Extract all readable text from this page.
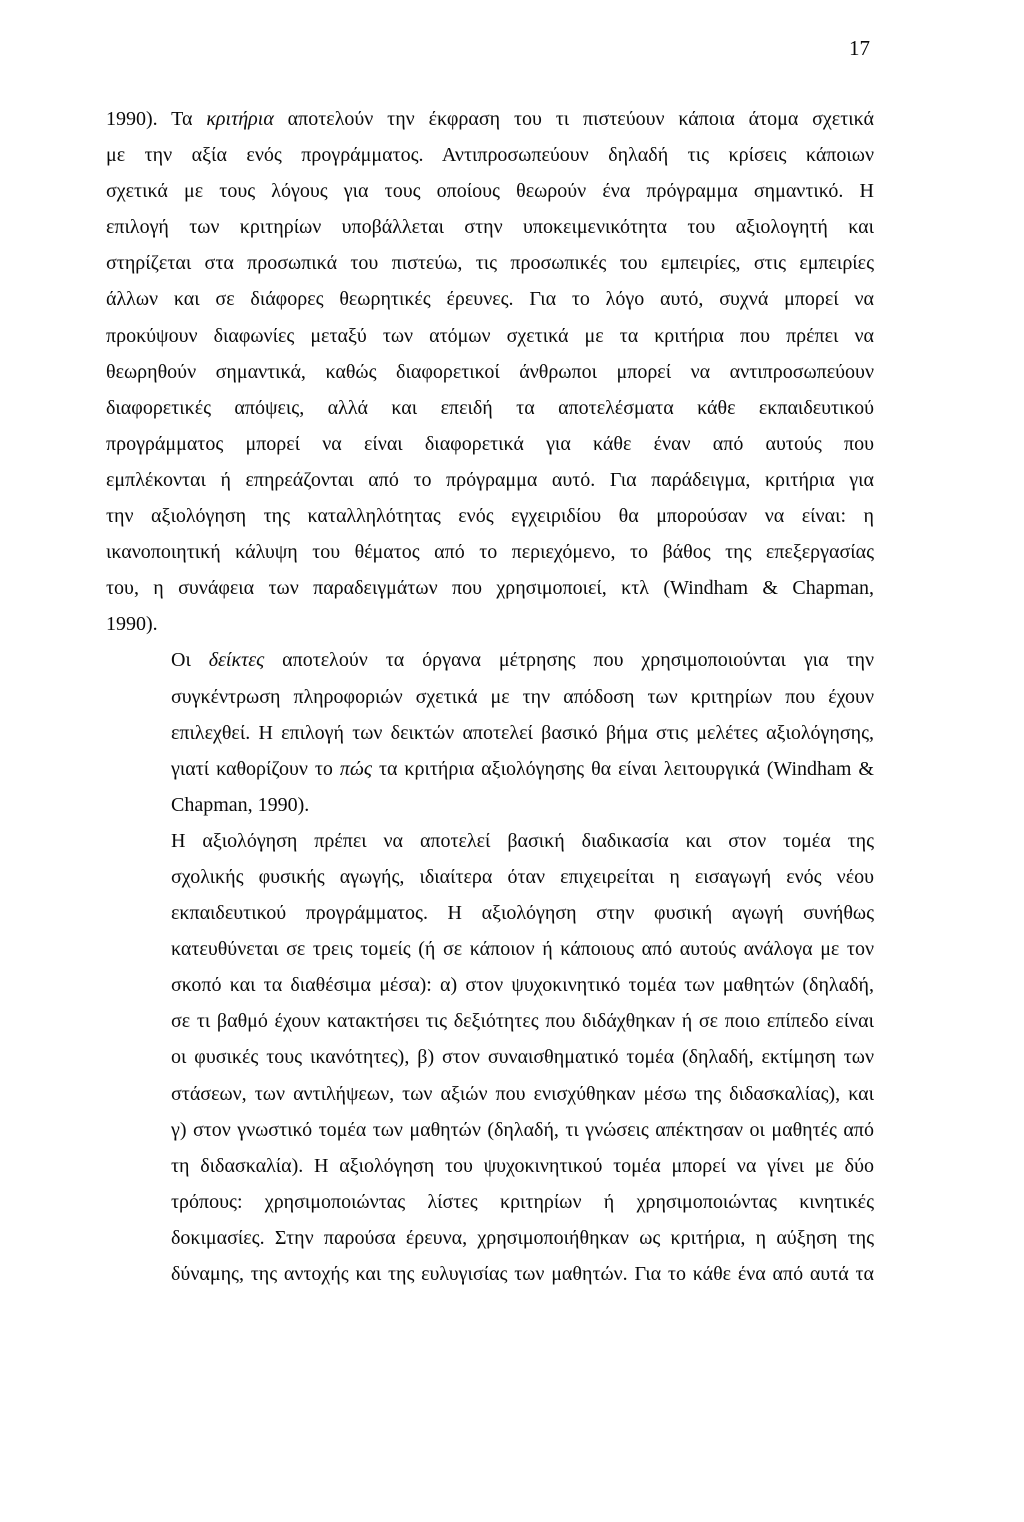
17

1990). Τα κριτήρια αποτελούν την έκφραση του τι πιστεύουν κάποια άτομα σχετικά
με την αξία ενός προγράμματος. Αντιπροσωπεύουν δηλαδή τις κρίσεις κάποιων
σχετικά με τους λόγους για τους οποίους θεωρούν ένα πρόγραμμα σημαντικό. Η
επιλογή των κριτηρίων υποβάλλεται στην υποκειμενικότητα του αξιολογητή και
στηρίζεται στα προσωπικά του πιστεύω, τις προσωπικές του εμπειρίες, στις εμπειρίες
άλλων και σε διάφορες θεωρητικές έρευνες. Για το λόγο αυτό, συχνά μπορεί να
προκύψουν διαφωνίες μεταξύ των ατόμων σχετικά με τα κριτήρια που πρέπει να
θεωρηθούν σημαντικά, καθώς διαφορετικοί άνθρωποι μπορεί να αντιπροσωπεύουν
διαφορετικές απόψεις, αλλά και επειδή τα αποτελέσματα κάθε εκπαιδευτικού
προγράμματος μπορεί να είναι διαφορετικά για κάθε έναν από αυτούς που
εμπλέκονται ή επηρεάζονται από το πρόγραμμα αυτό. Για παράδειγμα, κριτήρια για
την αξιολόγηση της καταλληλότητας ενός εγχειριδίου θα μπορούσαν να είναι: η
ικανοποιητική κάλυψη του θέματος από το περιεχόμενο, το βάθος της επεξεργασίας
του, η συνάφεια των παραδειγμάτων που χρησιμοποιεί, κτλ (Windham & Chapman,
1990).

Οι δείκτες αποτελούν τα όργανα μέτρησης που χρησιμοποιούνται για την
συγκέντρωση πληροφοριών σχετικά με την απόδοση των κριτηρίων που έχουν
επιλεχθεί. Η επιλογή των δεικτών αποτελεί βασικό βήμα στις μελέτες αξιολόγησης,
γιατί καθορίζουν το πώς τα κριτήρια αξιολόγησης θα είναι λειτουργικά (Windham &
Chapman, 1990).

Η αξιολόγηση πρέπει να αποτελεί βασική διαδικασία και στον τομέα της
σχολικής φυσικής αγωγής, ιδιαίτερα όταν επιχειρείται η εισαγωγή ενός νέου
εκπαιδευτικού προγράμματος. Η αξιολόγηση στην φυσική αγωγή συνήθως
κατευθύνεται σε τρεις τομείς (ή σε κάποιον ή κάποιους από αυτούς ανάλογα με τον
σκοπό και τα διαθέσιμα μέσα): α) στον ψυχοκινητικό τομέα των μαθητών (δηλαδή,
σε τι βαθμό έχουν κατακτήσει τις δεξιότητες που διδάχθηκαν ή σε ποιο επίπεδο είναι
οι φυσικές τους ικανότητες), β) στον συναισθηματικό τομέα (δηλαδή, εκτίμηση των
στάσεων, των αντιλήψεων, των αξιών που ενισχύθηκαν μέσω της διδασκαλίας), και
γ) στον γνωστικό τομέα των μαθητών (δηλαδή, τι γνώσεις απέκτησαν οι μαθητές από
τη διδασκαλία). Η αξιολόγηση του ψυχοκινητικού τομέα μπορεί να γίνει με δύο
τρόπους: χρησιμοποιώντας λίστες κριτηρίων ή χρησιμοποιώντας κινητικές
δοκιμασίες. Στην παρούσα έρευνα, χρησιμοποιήθηκαν ως κριτήρια, η αύξηση της
δύναμης, της αντοχής και της ευλυγισίας των μαθητών. Για το κάθε ένα από αυτά τα
